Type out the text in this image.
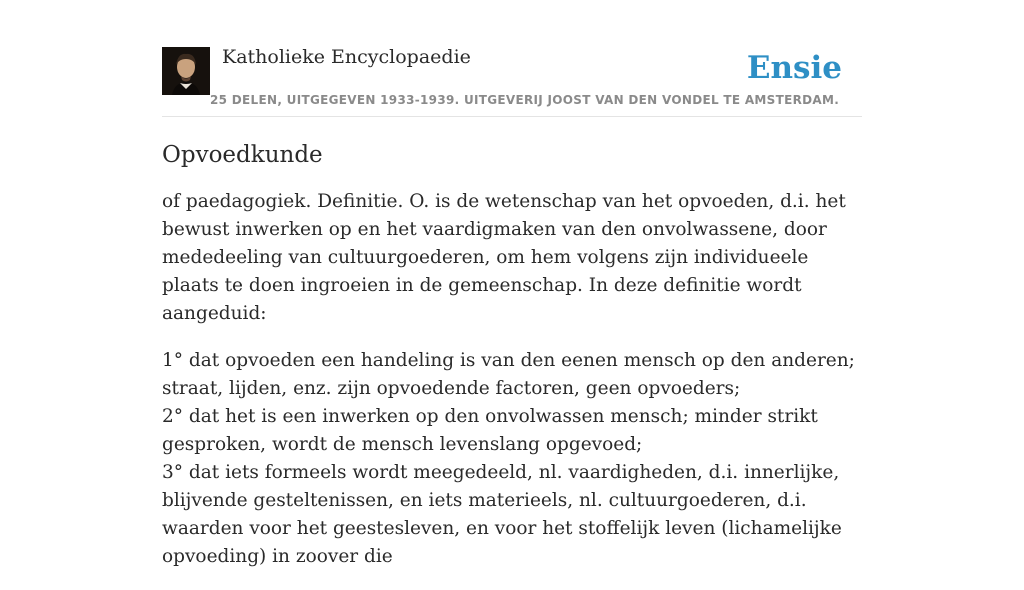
Katholieke Encyclopaedie
25 DELEN, UITGEGEVEN 1933-1939. UITGEVERIJ JOOST VAN DEN VONDEL TE AMSTERDAM.
Ensie
Opvoedkunde

of paedagogiek. Definitie. O. is de wetenschap van het opvoeden, d.i. het bewust inwerken op en het vaardigmaken van den onvolwassene, door mededeeling van cultuurgoederen, om hem volgens zijn individueele plaats te doen ingroeien in de gemeenschap. In deze definitie wordt aangeduid:

1° dat opvoeden een handeling is van den eenen mensch op den anderen; straat, lijden, enz. zijn opvoedende factoren, geen opvoeders;
2° dat het is een inwerken op den onvolwassen mensch; minder strikt gesproken, wordt de mensch levenslang opgevoed;
3° dat iets formeels wordt meegedeeld, nl. vaardigheden, d.i. innerlijke, blijvende gesteltenissen, en iets materieels, nl. cultuurgoederen, d.i. waarden voor het geestesleven, en voor het stoffelijk leven (lichamelijke opvoeding) in zoover die
